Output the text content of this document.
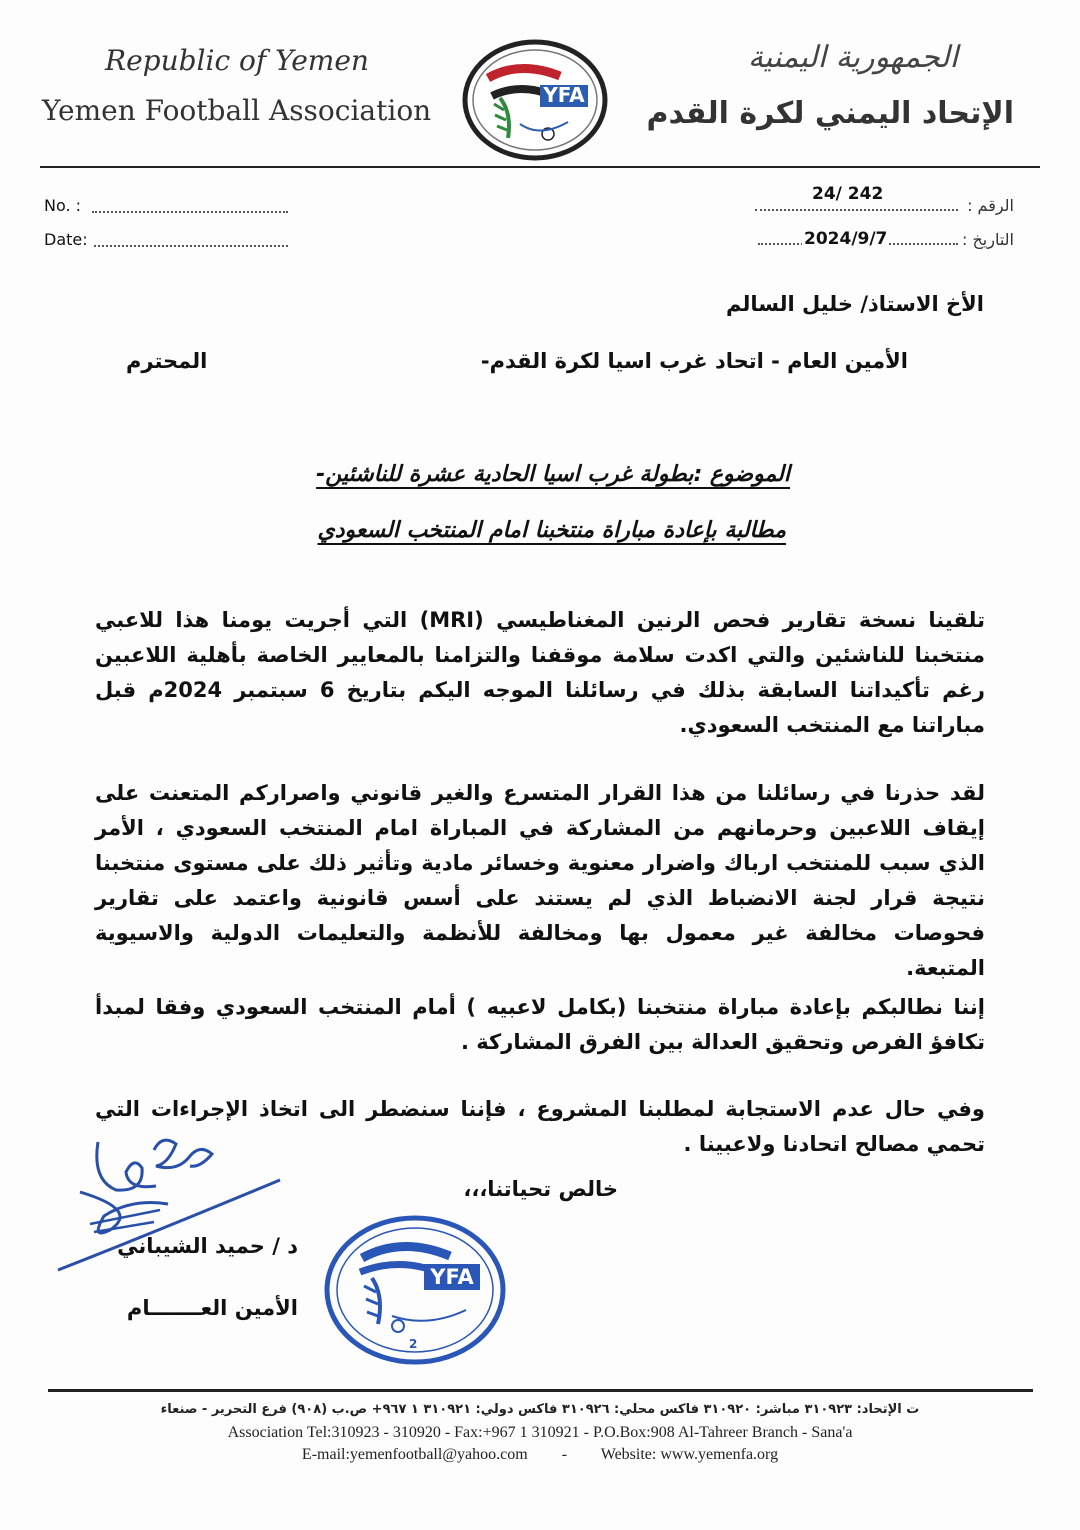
Republic of Yemen
Yemen Football Association
الجمهورية اليمنية
الإتحاد اليمني لكرة القدم
YFA
No. :
Date:
الرقم :
24/ 242
التاريخ :
2024/9/7
الأخ الاستاذ/ خليل السالم
الأمين العام - اتحاد غرب اسيا لكرة القدم-
المحترم
الموضوع :بطولة غرب اسيا الحادية عشرة للناشئين-
مطالبة بإعادة مباراة منتخبنا امام المنتخب السعودي
تلقينا نسخة تقارير فحص الرنين المغناطيسي (MRI) التي أجريت يومنا هذا للاعبي منتخبنا للناشئين والتي اكدت سلامة موقفنا والتزامنا بالمعايير الخاصة بأهلية اللاعبين رغم تأكيداتنا السابقة بذلك في رسائلنا الموجه اليكم بتاريخ 6 سبتمبر 2024م قبل مباراتنا مع المنتخب السعودي.
لقد حذرنا في رسائلنا من هذا القرار المتسرع والغير قانوني واصراركم المتعنت على إيقاف اللاعبين وحرمانهم من المشاركة في المباراة امام المنتخب السعودي ، الأمر الذي سبب للمنتخب ارباك واضرار معنوية وخسائر مادية وتأثير ذلك على مستوى منتخبنا نتيجة قرار لجنة الانضباط الذي لم يستند على أسس قانونية واعتمد على تقارير فحوصات مخالفة غير معمول بها ومخالفة للأنظمة والتعليمات الدولية والاسيوية المتبعة.
إننا نطالبكم بإعادة مباراة منتخبنا (بكامل لاعبيه ) أمام المنتخب السعودي وفقا لمبدأ تكافؤ الفرص وتحقيق العدالة بين الفرق المشاركة .
وفي حال عدم الاستجابة لمطلبنا المشروع ، فإننا سنضطر الى اتخاذ الإجراءات التي تحمي مصالح اتحادنا ولاعبينا .
خالص تحياتنا،،،
د / حميد الشيباني
الأمين العـــــــام
YFA
2
ت الإتحاد: ٣١٠٩٢٣ مباشر: ٣١٠٩٢٠ فاكس محلي: ٣١٠٩٢٦ فاكس دولي: ٣١٠٩٢١ ١ ٩٦٧+ ص.ب (٩٠٨) فرع التحرير - صنعاء
Association Tel:310923 - 310920 - Fax:+967 1 310921 - P.O.Box:908 Al-Tahreer Branch - Sana'a
E-mail:yemenfootball@yahoo.com - Website: www.yemenfa.org
